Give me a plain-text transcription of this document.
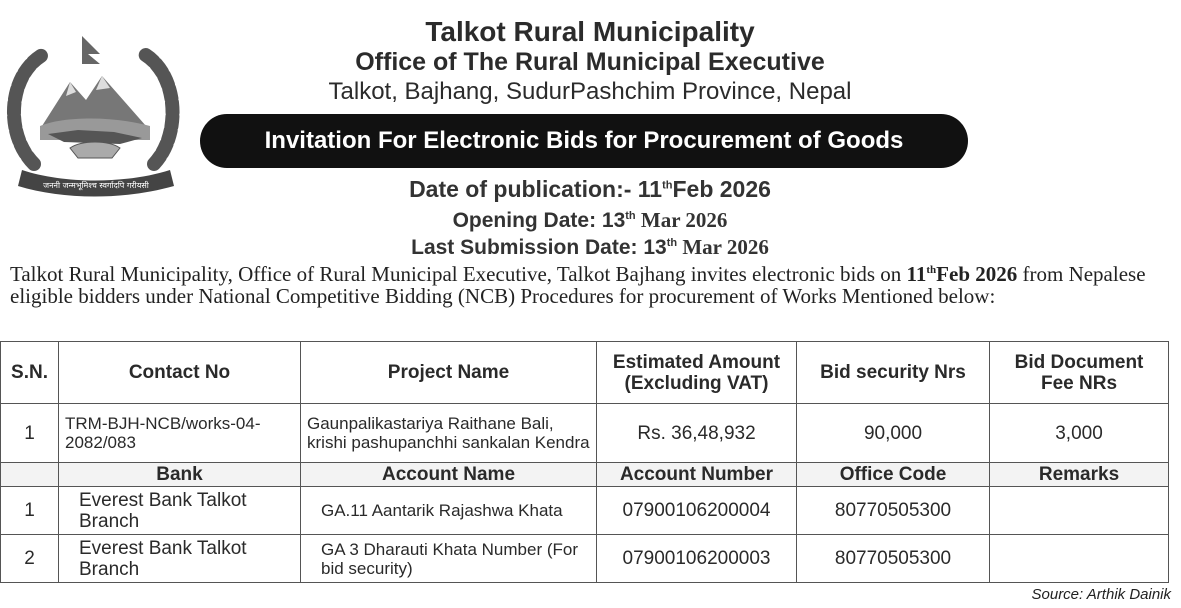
जननी जन्मभूमिश्च स्वर्गादपि गरीयसी
Talkot Rural Municipality
Office of The Rural Municipal Executive
Talkot, Bajhang, SudurPashchim Province, Nepal
Invitation For Electronic Bids for Procurement of Goods
Date of publication:- 11thFeb 2026
Opening Date: 13th Mar 2026
Last Submission Date: 13th Mar 2026
Talkot Rural Municipality, Office of Rural Municipal Executive, Talkot Bajhang invites electronic bids on 11thFeb 2026 from Nepalese eligible bidders under National Competitive Bidding (NCB) Procedures for procurement of Works Mentioned below:
S.N.	Contact No	Project Name	Estimated Amount (Excluding VAT)	Bid security Nrs	Bid Document Fee NRs
1	TRM-BJH-NCB/works-04-2082/083	Gaunpalikastariya Raithane Bali, krishi pashupanchhi sankalan Kendra	Rs. 36,48,932	90,000	3,000
	Bank	Account Name	Account Number	Office Code	Remarks
1	Everest Bank Talkot Branch	GA.11 Aantarik Rajashwa Khata	07900106200004	80770505300	
2	Everest Bank Talkot Branch	GA 3 Dharauti Khata Number (For bid security)	07900106200003	80770505300	
Source: Arthik Dainik
